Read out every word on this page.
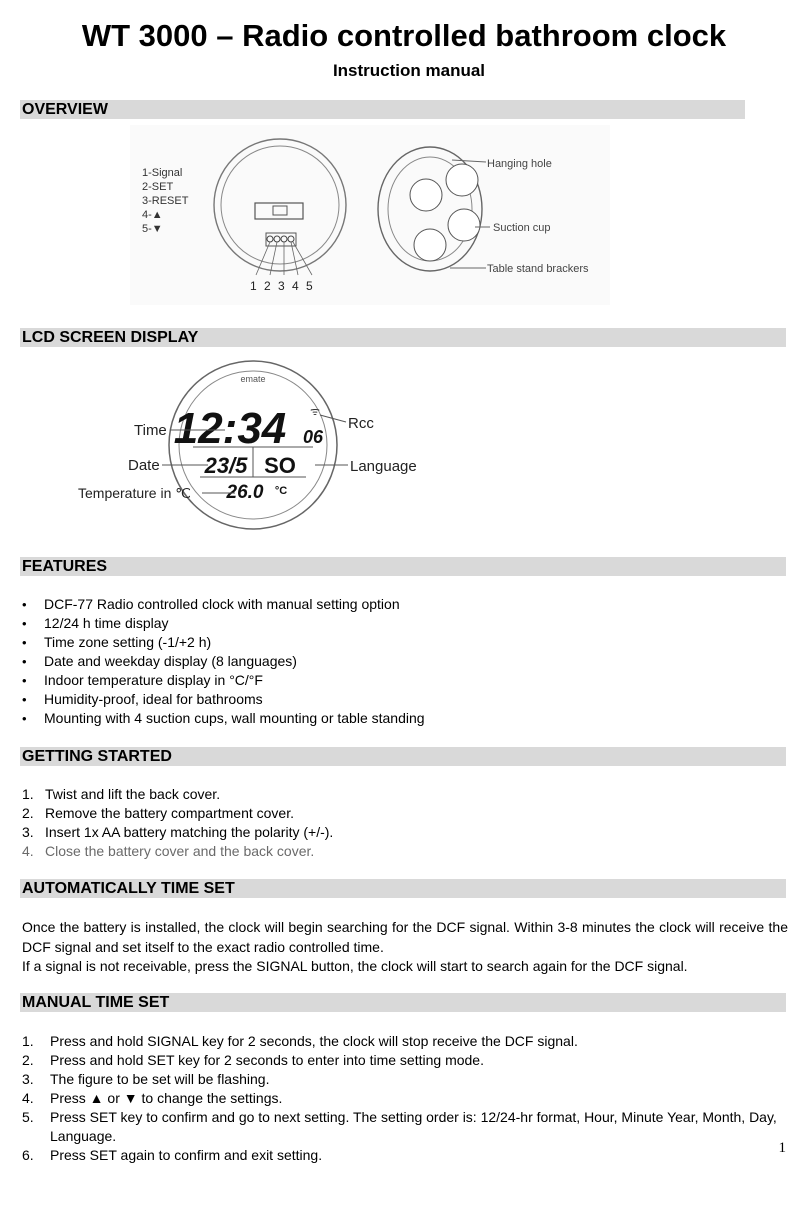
WT 3000 – Radio controlled bathroom clock
Instruction manual
OVERVIEW
1-Signal
2-SET
3-RESET
4-▲
5-▼
1 2 3 4 5
Hanging hole
Suction cup
Table stand brackers
LCD SCREEN DISPLAY
emate
12:34 06
ᯤ
23/5 SO
26.0 °C
Time
Date
Temperature in ℃
Rcc
Language
FEATURES
• DCF-77 Radio controlled clock with manual setting option
• 12/24 h time display
• Time zone setting (-1/+2 h)
• Date and weekday display (8 languages)
• Indoor temperature display in °C/°F
• Humidity-proof, ideal for bathrooms
• Mounting with 4 suction cups, wall mounting or table standing
GETTING STARTED
1. Twist and lift the back cover.
2. Remove the battery compartment cover.
3. Insert 1x AA battery matching the polarity (+/-).
4. Close the battery cover and the back cover.
AUTOMATICALLY TIME SET
Once the battery is installed, the clock will begin searching for the DCF signal. Within 3-8 minutes the clock will receive the DCF signal and set itself to the exact radio controlled time.
If a signal is not receivable, press the SIGNAL button, the clock will start to search again for the DCF signal.
MANUAL TIME SET
1. Press and hold SIGNAL key for 2 seconds, the clock will stop receive the DCF signal.
2. Press and hold SET key for 2 seconds to enter into time setting mode.
3. The figure to be set will be flashing.
4. Press ▲ or ▼ to change the settings.
5. Press SET key to confirm and go to next setting. The setting order is: 12/24-hr format, Hour, Minute Year, Month, Day,
Language.
6. Press SET again to confirm and exit setting.	1
